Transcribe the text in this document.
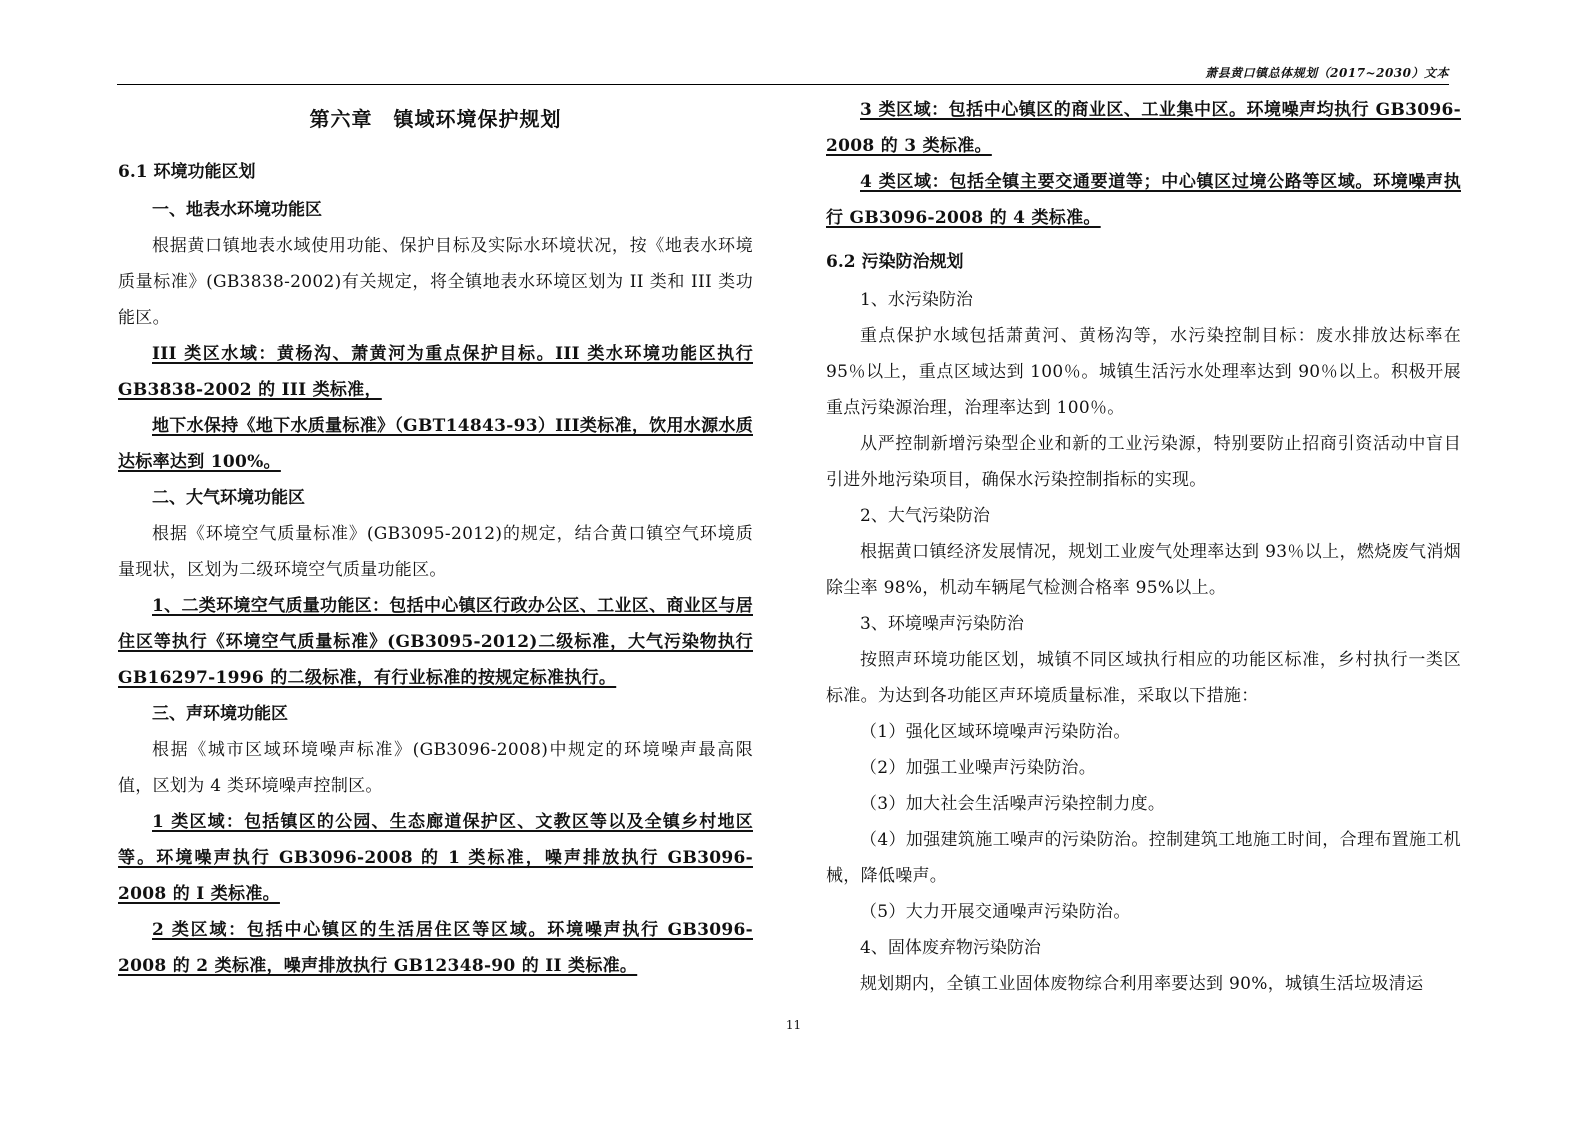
萧县黄口镇总体规划（2017~2030）文本
第六章　镇域环境保护规划
6.1 环境功能区划
一、地表水环境功能区

根据黄口镇地表水域使用功能、保护目标及实际水环境状况，按《地表水环境质量标准》(GB3838-2002)有关规定，将全镇地表水环境区划为 II 类和 III 类功能区。

III 类区水域：黄杨沟、萧黄河为重点保护目标。III 类水环境功能区执行 GB3838-2002 的 III 类标准，

地下水保持《地下水质量标准》（GBT14843-93）III类标准，饮用水源水质达标率达到 100%。

二、大气环境功能区

根据《环境空气质量标准》(GB3095-2012)的规定，结合黄口镇空气环境质量现状，区划为二级环境空气质量功能区。

1、二类环境空气质量功能区：包括中心镇区行政办公区、工业区、商业区与居住区等执行《环境空气质量标准》(GB3095-2012)二级标准，大气污染物执行 GB16297-1996 的二级标准，有行业标准的按规定标准执行。

三、声环境功能区

根据《城市区域环境噪声标准》(GB3096-2008)中规定的环境噪声最高限值，区划为 4 类环境噪声控制区。

1 类区域：包括镇区的公园、生态廊道保护区、文教区等以及全镇乡村地区等。环境噪声执行 GB3096-2008 的 1 类标准，噪声排放执行 GB3096-2008 的 I 类标准。

2 类区域：包括中心镇区的生活居住区等区域。环境噪声执行 GB3096-2008 的 2 类标准，噪声排放执行 GB12348-90 的 II 类标准。

3 类区域：包括中心镇区的商业区、工业集中区。环境噪声均执行 GB3096-2008 的 3 类标准。

4 类区域：包括全镇主要交通要道等；中心镇区过境公路等区域。环境噪声执行 GB3096-2008 的 4 类标准。

6.2 污染防治规划
1、水污染防治

重点保护水域包括萧黄河、黄杨沟等，水污染控制目标：废水排放达标率在 95％以上，重点区域达到 100％。城镇生活污水处理率达到 90％以上。积极开展重点污染源治理，治理率达到 100％。

从严控制新增污染型企业和新的工业污染源，特别要防止招商引资活动中盲目引进外地污染项目，确保水污染控制指标的实现。

2、大气污染防治

根据黄口镇经济发展情况，规划工业废气处理率达到 93％以上，燃烧废气消烟除尘率 98%，机动车辆尾气检测合格率 95%以上。

3、环境噪声污染防治

按照声环境功能区划，城镇不同区域执行相应的功能区标准，乡村执行一类区标准。为达到各功能区声环境质量标准，采取以下措施：

（1）强化区域环境噪声污染防治。

（2）加强工业噪声污染防治。

（3）加大社会生活噪声污染控制力度。

（4）加强建筑施工噪声的污染防治。控制建筑工地施工时间，合理布置施工机械，降低噪声。

（5）大力开展交通噪声污染防治。

4、固体废弃物污染防治

规划期内，全镇工业固体废物综合利用率要达到 90%，城镇生活垃圾清运

11
